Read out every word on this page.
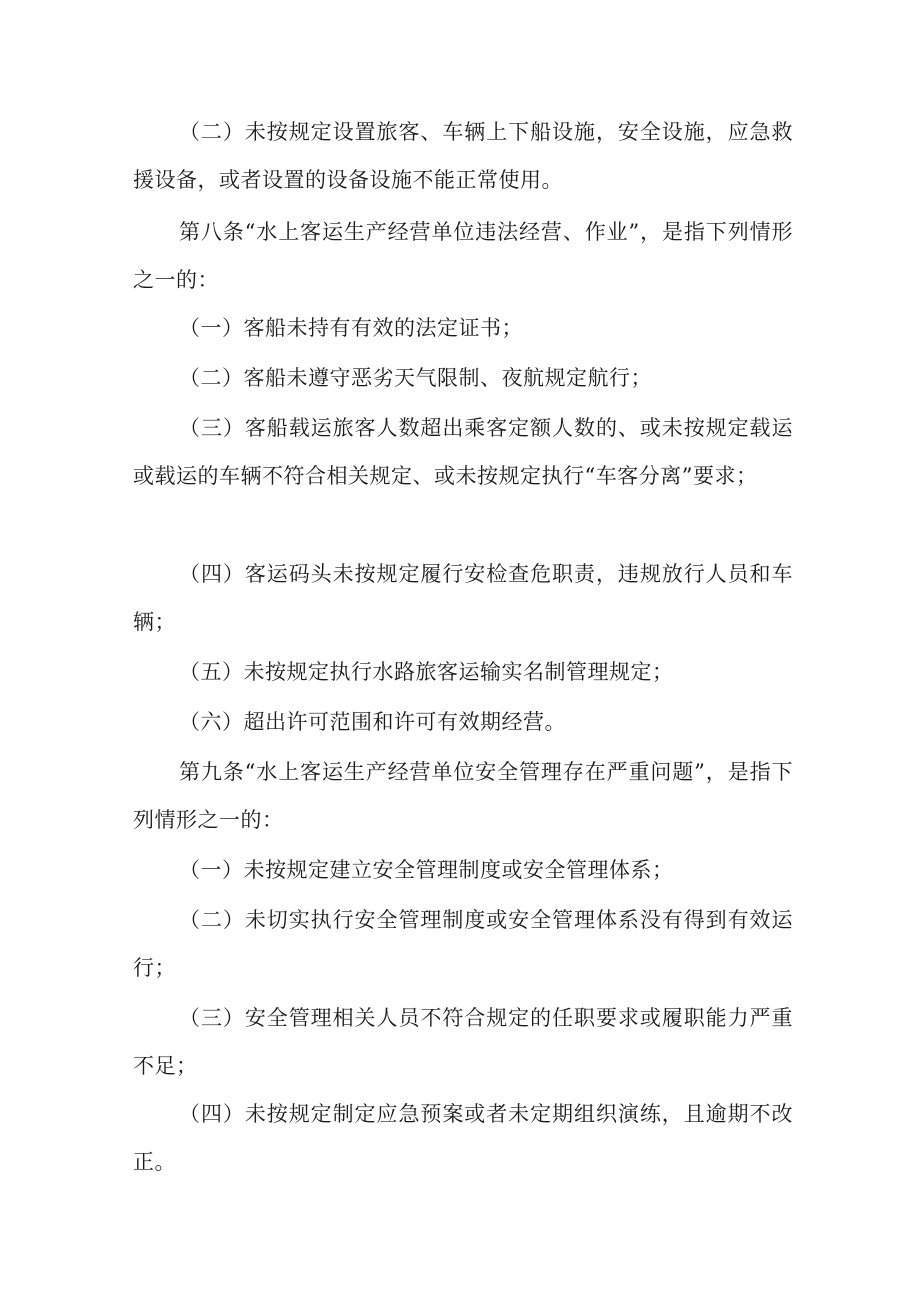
（二）未按规定设置旅客、车辆上下船设施，安全设施，应急救援设备，或者设置的设备设施不能正常使用。

第八条“水上客运生产经营单位违法经营、作业”，是指下列情形之一的：

（一）客船未持有有效的法定证书；

（二）客船未遵守恶劣天气限制、夜航规定航行；

（三）客船载运旅客人数超出乘客定额人数的、或未按规定载运或载运的车辆不符合相关规定、或未按规定执行“车客分离”要求；

（四）客运码头未按规定履行安检查危职责，违规放行人员和车辆；

（五）未按规定执行水路旅客运输实名制管理规定；

（六）超出许可范围和许可有效期经营。

第九条“水上客运生产经营单位安全管理存在严重问题”，是指下列情形之一的：

（一）未按规定建立安全管理制度或安全管理体系；

（二）未切实执行安全管理制度或安全管理体系没有得到有效运行；

（三）安全管理相关人员不符合规定的任职要求或履职能力严重不足；

（四）未按规定制定应急预案或者未定期组织演练，且逾期不改正。
